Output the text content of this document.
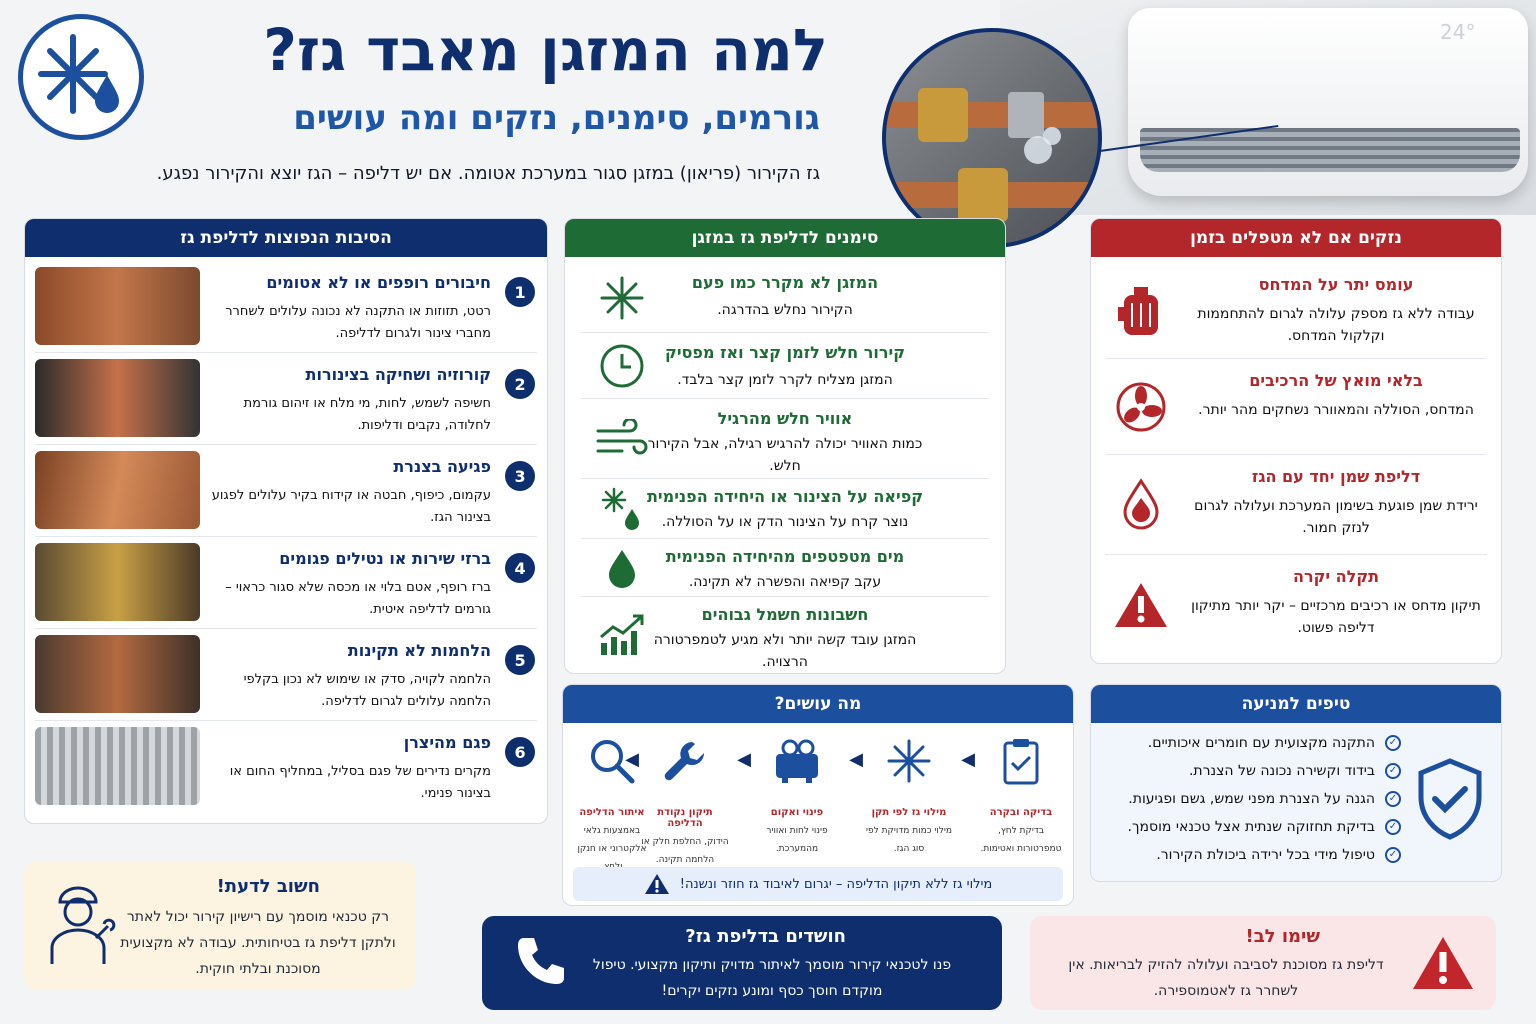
למה המזגן מאבד גז?
גורמים, סימנים, נזקים ומה עושים
גז הקירור (פריאון) במזגן סגור במערכת אטומה. אם יש דליפה – הגז יוצא והקירור נפגע.
24°
הסיבות הנפוצות לדליפת גז
1
חיבורים רופפים או לא אטומים
רטט, תזוזות או התקנה לא נכונה עלולים לשחרר מחברי צינור ולגרום לדליפה.
2
קורוזיה ושחיקה בצינורות
חשיפה לשמש, לחות, מי מלח או זיהום גורמת לחלודה, נקבים ודליפות.
3
פגיעה בצנרת
עקמום, כיפוף, חבטה או קידוח בקיר עלולים לפגוע בצינור הגז.
4
ברזי שירות או נטילים פגומים
ברז רופף, אטם בלוי או מכסה שלא סגור כראוי – גורמים לדליפה איטית.
5
הלחמות לא תקינות
הלחמה לקויה, סדק או שימוש לא נכון בקלפי הלחמה עלולים לגרום לדליפה.
6
פגם מהיצרן
מקרים נדירים של פגם בסליל, במחליף החום או בצינור פנימי.
סימנים לדליפת גז במזגן
המזגן לא מקרר כמו פעם
הקירור נחלש בהדרגה.
קירור חלש לזמן קצר ואז מפסיק
המזגן מצליח לקרר לזמן קצר בלבד.
אוויר חלש מהרגיל
כמות האוויר יכולה להרגיש רגילה, אבל הקירור חלש.
קפיאה על הצינור או היחידה הפנימית
נוצר קרח על הצינור הדק או על הסוללה.
מים מטפטפים מהיחידה הפנימית
עקב קפיאה והפשרה לא תקינה.
חשבונות חשמל גבוהים
המזגן עובד קשה יותר ולא מגיע לטמפרטורה הרצויה.
נזקים אם לא מטפלים בזמן
עומס יתר על המדחס
עבודה ללא גז מספק עלולה לגרום להתחממות וקלקול המדחס.
בלאי מואץ של הרכיבים
המדחס, הסוללה והמאוורר נשחקים מהר יותר.
דליפת שמן יחד עם הגז
ירידת שמן פוגעת בשימון המערכת ועלולה לגרום לנזק חמור.
תקלה יקרה
תיקון מדחס או רכיבים מרכזיים – יקר יותר מתיקון דליפה פשוט.
מה עושים?
בדיקה ובקרה
בדיקת לחץ, טמפרטורות ואטימות.
◀
מילוי גז לפי תקן
מילוי כמות מדויקת לפי סוג הגז.
◀
פינוי ואקום
פינוי לחות ואוויר מהמערכת.
◀
תיקון נקודת הדליפה
הידוק, החלפת חלק או הלחמה תקינה.
◀
איתור הדליפה
באמצעות גלאי אלקטרוני או חנקן
מילוי גז ללא תיקון הדליפה – יגרום לאיבוד גז חוזר ונשנה!
טיפים למניעה
✓התקנה מקצועית עם חומרים איכותיים.
✓בידוד וקשירה נכונה של הצנרת.
✓הגנה על הצנרת מפני שמש, גשם ופגיעות.
✓בדיקת תחזוקה שנתית אצל טכנאי מוסמך.
✓טיפול מידי בכל ירידה ביכולת הקירור.
חשוב לדעת!
רק טכנאי מוסמך עם רישיון קירור יכול לאתר ולתקן דליפת גז בטיחותית. עבודה לא מקצועית מסוכנת ובלתי חוקית.
חושדים בדליפת גז?
פנו לטכנאי קירור מוסמך לאיתור מדויק ותיקון מקצועי. טיפול מוקדם חוסך כסף ומונע נזקים יקרים!
שימו לב!
דליפת גז מסוכנת לסביבה ועלולה להזיק לבריאות. אין לשחרר גז לאטמוספירה.
